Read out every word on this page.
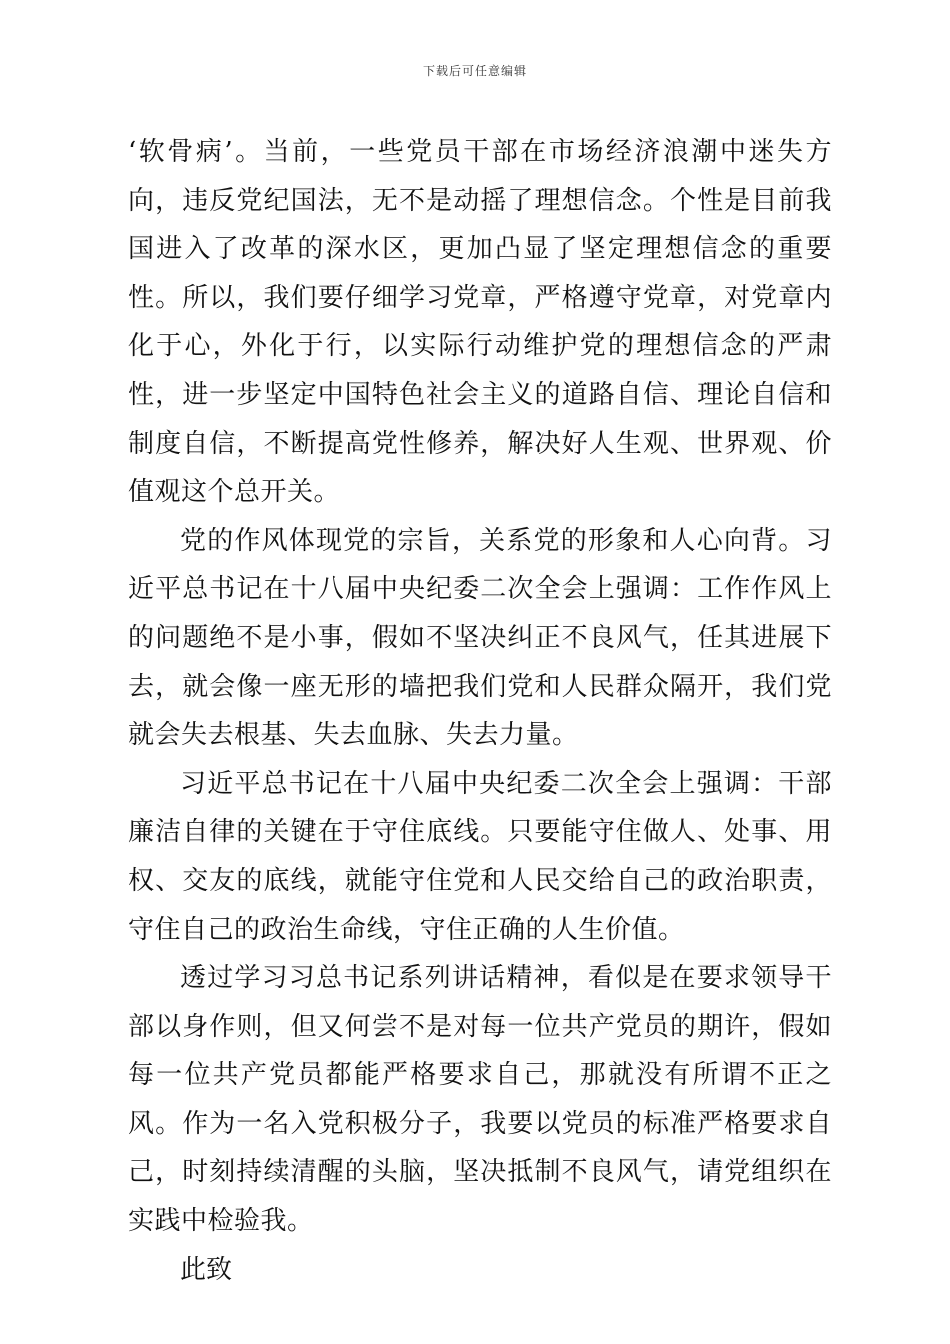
下载后可任意编辑

‘软骨病’。当前，一些党员干部在市场经济浪潮中迷失方向，违反党纪国法，无不是动摇了理想信念。个性是目前我国进入了改革的深水区，更加凸显了坚定理想信念的重要性。所以，我们要仔细学习党章，严格遵守党章，对党章内化于心，外化于行，以实际行动维护党的理想信念的严肃性，进一步坚定中国特色社会主义的道路自信、理论自信和制度自信，不断提高党性修养，解决好人生观、世界观、价值观这个总开关。

党的作风体现党的宗旨，关系党的形象和人心向背。习近平总书记在十八届中央纪委二次全会上强调：工作作风上的问题绝不是小事，假如不坚决纠正不良风气，任其进展下去，就会像一座无形的墙把我们党和人民群众隔开，我们党就会失去根基、失去血脉、失去力量。

习近平总书记在十八届中央纪委二次全会上强调：干部廉洁自律的关键在于守住底线。只要能守住做人、处事、用权、交友的底线，就能守住党和人民交给自己的政治职责，守住自己的政治生命线，守住正确的人生价值。

透过学习习总书记系列讲话精神，看似是在要求领导干部以身作则，但又何尝不是对每一位共产党员的期许，假如每一位共产党员都能严格要求自己，那就没有所谓不正之风。作为一名入党积极分子，我要以党员的标准严格要求自己，时刻持续清醒的头脑，坚决抵制不良风气，请党组织在实践中检验我。

此致
